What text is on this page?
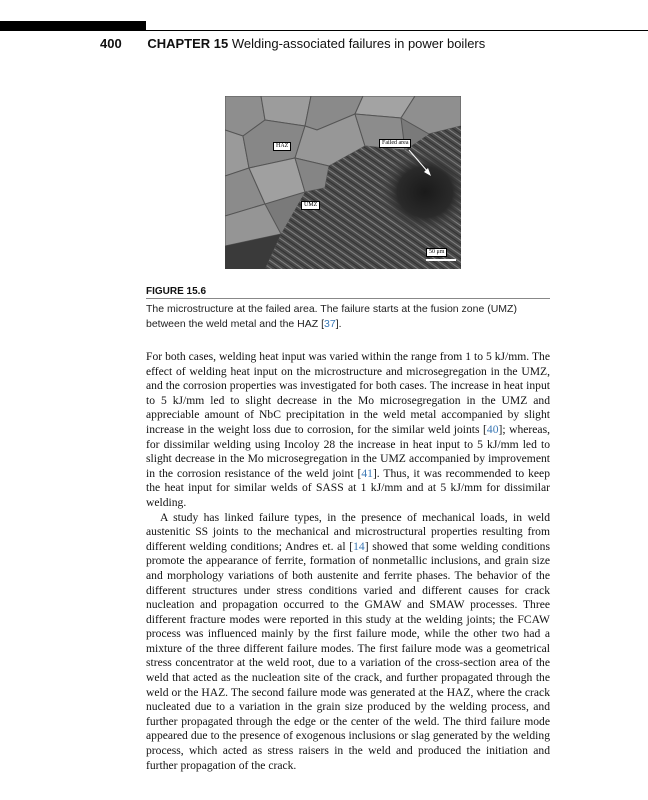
400 CHAPTER 15 Welding-associated failures in power boilers
HAZ	Failed area
UMZ
50 μm
FIGURE 15.6
The microstructure at the failed area. The failure starts at the fusion zone (UMZ) between the weld metal and the HAZ [37].

For both cases, welding heat input was varied within the range from 1 to 5 kJ/mm. The effect of welding heat input on the microstructure and microsegregation in the UMZ, and the corrosion properties was investigated for both cases. The increase in heat input to 5 kJ/mm led to slight decrease in the Mo microsegregation in the UMZ and appreciable amount of NbC precipitation in the weld metal accompanied by slight increase in the weight loss due to corrosion, for the similar weld joints [40]; whereas, for dissimilar welding using Incoloy 28 the increase in heat input to 5 kJ/mm led to slight decrease in the Mo microsegregation in the UMZ accompanied by improvement in the corrosion resistance of the weld joint [41]. Thus, it was recommended to keep the heat input for similar welds of SASS at 1 kJ/mm and at 5 kJ/mm for dissimilar welding.

A study has linked failure types, in the presence of mechanical loads, in weld austenitic SS joints to the mechanical and microstructural properties resulting from different welding conditions; Andres et. al [14] showed that some welding conditions promote the appearance of ferrite, formation of nonmetallic inclusions, and grain size and morphology variations of both austenite and ferrite phases. The behavior of the different structures under stress conditions varied and different causes for crack nucleation and propagation occurred to the GMAW and SMAW processes. Three different fracture modes were reported in this study at the welding joints; the FCAW process was influenced mainly by the first failure mode, while the other two had a mixture of the three different failure modes. The first failure mode was a geometrical stress concentrator at the weld root, due to a variation of the cross-section area of the weld that acted as the nucleation site of the crack, and further propagated through the weld or the HAZ. The second failure mode was generated at the HAZ, where the crack nucleated due to a variation in the grain size produced by the welding process, and further propagated through the edge or the center of the weld. The third failure mode appeared due to the presence of exogenous inclusions or slag generated by the welding process, which acted as stress raisers in the weld and produced the initiation and further propagation of the crack.
